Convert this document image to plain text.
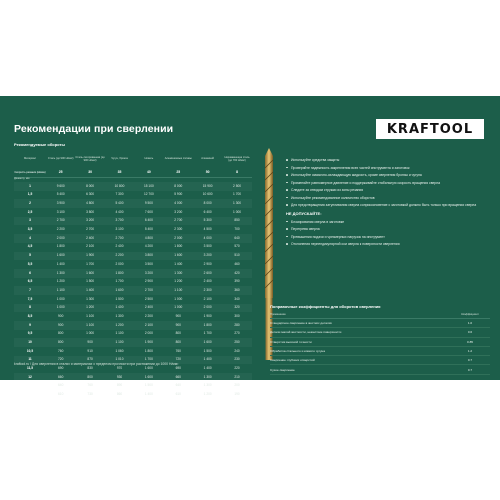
Рекомендации при сверлении	KRAFTOOL
Рекомендуемые обороты
Материал	Сталь (до 900 Н/мм²) Сталь легированная (до 900 Н/мм²)	Чугун, бронза	Никель	Алюминиевые сплавы	Алюминий	Нержавеющая сталь (до 700 Н/мм²)
Скорость резания (м/мин)	25	30	35	40	25	50	8
Диаметр, мм
1	9 600	8 000	10 800	15 100	8 000	15 900	2 500
1,5	5 400	6 300	7 300	12 700	5 900	10 600	1 700
2	3 900	4 800	5 400	9 500	4 000	8 000	1 300
2,5	3 100	3 800	4 400	7 600	3 200	6 400	1 000
3	2 700	3 200	3 700	6 400	2 700	5 300	850
3,5	2 200	2 700	3 100	5 400	2 300	4 500	700
4	2 000	2 400	2 700	4 800	2 000	4 000	640
4,5	1 800	2 100	2 400	4 200	1 800	3 500	570
5	1 600	1 900	2 200	3 800	1 600	3 200	510
5,5	1 400	1 700	2 000	3 500	1 400	2 900	460
6	1 300	1 600	1 800	3 200	1 300	2 600	420
6,5	1 200	1 500	1 700	2 900	1 200	2 400	390
7	1 100	1 400	1 600	2 700	1 100	2 300	360
7,5	1 000	1 300	1 500	2 500	1 000	2 100	340
8	1 000	1 200	1 400	2 400	1 000	2 000	320
8,5	900	1 100	1 300	2 200	900	1 900	300
9	900	1 100	1 200	2 100	900	1 800	280
9,5	800	1 000	1 100	2 000	800	1 700	270
10	800	900	1 100	1 900	800	1 600	250
10,5	760	910	1 060	1 800	760	1 500	240
11	720	870	1 010	1 700	720	1 400	230
11,5	690	830	970	1 600	690	1 400	220
12	660	800	930	1 600	660	1 300	210
12,5	640	760	890	1 500	640	1 300	200
13	610	730	860	1 400	610	1 200	190
Используйте средства защиты
Проверяйте надежность закрепления всех частей инструмента и заготовок
Используйте смазочно-охлаждающую жидкость, кроме сверления бронзы и чугуна
Применяйте равномерное давление и поддерживайте стабильную скорость вращения сверла
Следите за отводом стружки из зоны резания
Используйте рекомендованное количество оборотов
Для предотвращения затупливания сверла соприкосновение с заготовкой должно быть только при вращении сверла
НЕ ДОПУСКАЙТЕ:
Блокирования сверла в заготовке
Перегрева сверла
Превышения подачи и чрезмерных нагрузок на инструмент
Отклонения перпендикулярной оси сверла к поверхности сверления
Поправочные коэффициенты для оборотов сверления
Применение	Коэффициент
Стандартное сверление в жестких деталях	1.0
Детали малой жесткости, нежесткие поверхности	0.6
Отверстия высокой точности	0.85
Обработка стального и ковкого чугуна	1.2
Сверление глубоких отверстий	0.7
Сухое сверление	0.7
kraftool.ru / Для сверления в сталях и материалах с пределом прочности при растяжении до 1000 Н/мм²
